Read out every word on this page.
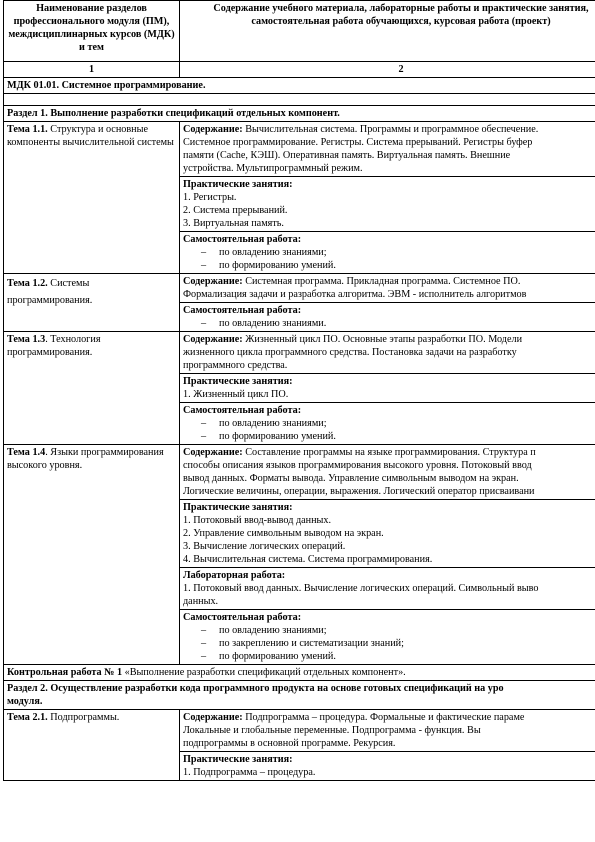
Наименование разделов профессионального модуля (ПМ), междисциплинарных курсов (МДК) и тем	Содержание учебного материала, лабораторные работы и практические занятия, самостоятельная работа обучающихся, курсовая работа (проект)
1	2
МДК 01.01. Системное программирование.	

Раздел 1. Выполнение разработки спецификаций отдельных компонент.	
Тема 1.1. Структура и основные компоненты вычислительной системы	Содержание: Вычислительная система. Программы и программное обеспечение.
Системное программирование. Регистры. Система прерываний. Регистры буфер
памяти (Cache, КЭШ). Оперативная память. Виртуальная память. Внешние
устройства. Мультипрограммный режим.

	Практические занятия:
1. Регистры.
2. Система прерываний.
3. Виртуальная память.

	Самостоятельная работа:
– по овладению знаниями;
– по формированию умений.

Тема 1.2. Системы программирования.	Содержание: Системная программа. Прикладная программа. Системное ПО.
Формализация задачи и разработка алгоритма. ЭВМ - исполнитель алгоритмов

	Самостоятельная работа:
– по овладению знаниями.

Тема 1.3. Технология программирования.	Содержание: Жизненный цикл ПО. Основные этапы разработки ПО. Модели
жизненного цикла программного средства. Постановка задачи на разработку
программного средства.

	Практические занятия:
1. Жизненный цикл ПО.

	Самостоятельная работа:
– по овладению знаниями;
– по формированию умений.

Тема 1.4. Языки программирования высокого уровня.	Содержание: Составление программы на языке программирования. Структура п
способы описания языков программирования высокого уровня. Потоковый ввод
вывод данных. Форматы вывода. Управление символьным выводом на экран.
Логические величины, операции, выражения. Логический оператор присваивани

	Практические занятия:
1. Потоковый ввод-вывод данных.
2. Управление символьным выводом на экран.
3. Вычисление логических операций.
4. Вычислительная система. Система программирования.

	Лабораторная работа:
1. Потоковый ввод данных. Вычисление логических операций. Символьный выво
данных.

	Самостоятельная работа:
– по овладению знаниями;
– по закреплению и систематизации знаний;
– по формированию умений.

Контрольная работа № 1 «Выполнение разработки спецификаций отдельных компонент».	

Раздел 2. Осуществление разработки кода программного продукта на основе готовых спецификаций на уро
модуля.	

Тема 2.1. Подпрограммы.	Содержание: Подпрограмма – процедура. Формальные и фактические параме
Локальные и глобальные переменные. Подпрограмма - функция. Вы
подпрограммы в основной программе. Рекурсия.

	Практические занятия:
1. Подпрограмма – процедура.
